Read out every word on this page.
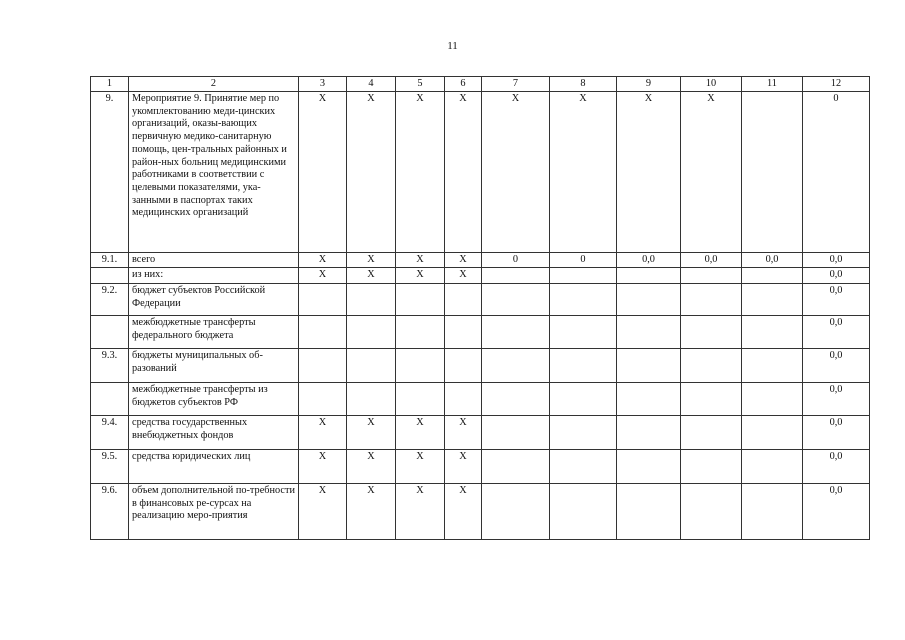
11
1	2	3	4	5	6	7	8	9	10	11	12
9.	Мероприятие 9. Принятие мер по укомплектованию меди-цинских организаций, оказы-вающих первичную медико-санитарную помощь, цен-тральных районных и район-ных больниц медицинскими работниками в соответствии с целевыми показателями, ука-занными в паспортах таких медицинских организаций	X	X	X	X	X	X	X	X		0
9.1.	всего	X	X	X	X	0	0	0,0	0,0	0,0	0,0
	из них:	X	X	X	X						0,0
9.2.	бюджет субъектов Российской Федерации										0,0
	межбюджетные трансферты федерального бюджета										0,0
9.3.	бюджеты муниципальных об-разований										0,0
	межбюджетные трансферты из бюджетов субъектов РФ										0,0
9.4.	средства государственных внебюджетных фондов	X	X	X	X						0,0
9.5.	средства юридических лиц	X	X	X	X						0,0
9.6.	объем дополнительной по-требности в финансовых ре-сурсах на реализацию меро-приятия	X	X	X	X						0,0
